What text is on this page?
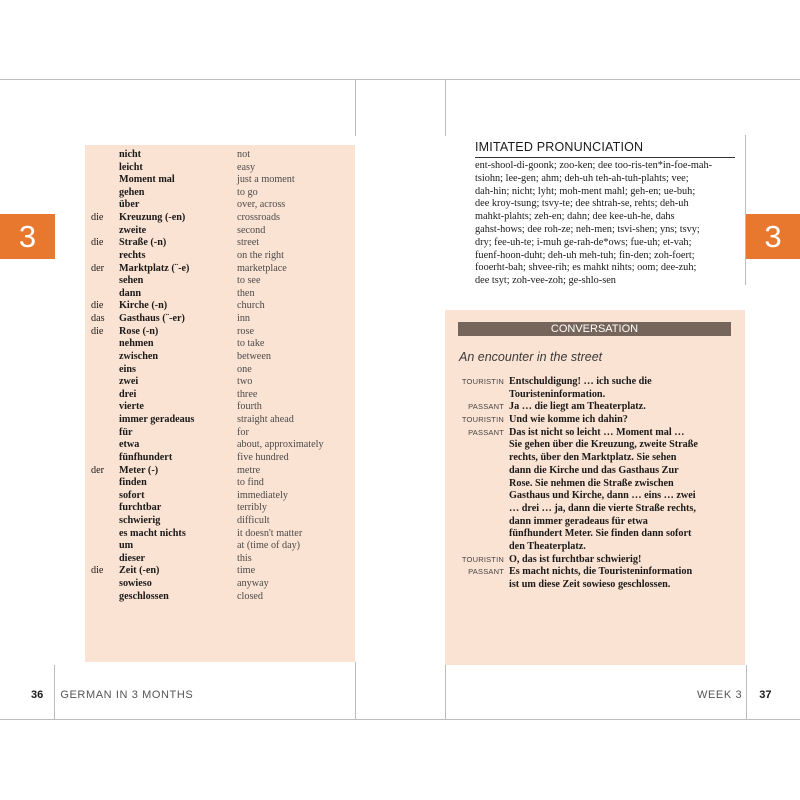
3	3
nicht	not
leicht	easy
Moment mal	just a moment
gehen	to go
über	over, across
die Kreuzung (-en)	crossroads
zweite	second
die Straße (-n)	street
rechts	on the right
der Marktplatz (¨-e)	marketplace
sehen	to see
dann	then
die Kirche (-n)	church
das Gasthaus (¨-er)	inn
die Rose (-n)	rose
nehmen	to take
zwischen	between
eins	one
zwei	two
drei	three
vierte	fourth
immer geradeaus	straight ahead
für	for
etwa	about, approximately
fünfhundert	five hundred
der Meter (-)	metre
finden	to find
sofort	immediately
furchtbar	terribly
schwierig	difficult
es macht nichts	it doesn't matter
um	at (time of day)
dieser	this
die Zeit (-en)	time
sowieso	anyway
geschlossen	closed
IMITATED PRONUNCIATION
ent-shool-di-goonk; zoo-ken; dee too-ris-ten*in-foe-mah-
tsiohn; lee-gen; ahm; deh-uh teh-ah-tuh-plahts; vee;
dah-hin; nicht; lyht; moh-ment mahl; geh-en; ue-buh;
dee kroy-tsung; tsvy-te; dee shtrah-se, rehts; deh-uh
mahkt-plahts; zeh-en; dahn; dee kee-uh-he, dahs
gahst-hows; dee roh-ze; neh-men; tsvi-shen; yns; tsvy;
dry; fee-uh-te; i-muh ge-rah-de*ows; fue-uh; et-vah;
fuenf-hoon-duht; deh-uh meh-tuh; fin-den; zoh-foert;
fooerht-bah; shvee-rih; es mahkt nihts; oom; dee-zuh;
dee tsyt; zoh-vee-zoh; ge-shlo-sen
CONVERSATION
An encounter in the street
TOURISTIN Entschuldigung! … ich suche die
Touristeninformation.
PASSANT Ja … die liegt am Theaterplatz.
TOURISTIN Und wie komme ich dahin?
PASSANT Das ist nicht so leicht … Moment mal …
Sie gehen über die Kreuzung, zweite Straße
rechts, über den Marktplatz. Sie sehen
dann die Kirche und das Gasthaus Zur
Rose. Sie nehmen die Straße zwischen
Gasthaus und Kirche, dann … eins … zwei
… drei … ja, dann die vierte Straße rechts,
dann immer geradeaus für etwa
fünfhundert Meter. Sie finden dann sofort
den Theaterplatz.
TOURISTIN O, das ist furchtbar schwierig!
PASSANT Es macht nichts, die Touristeninformation
ist um diese Zeit sowieso geschlossen.
36 GERMAN IN 3 MONTHS	WEEK 3 37
